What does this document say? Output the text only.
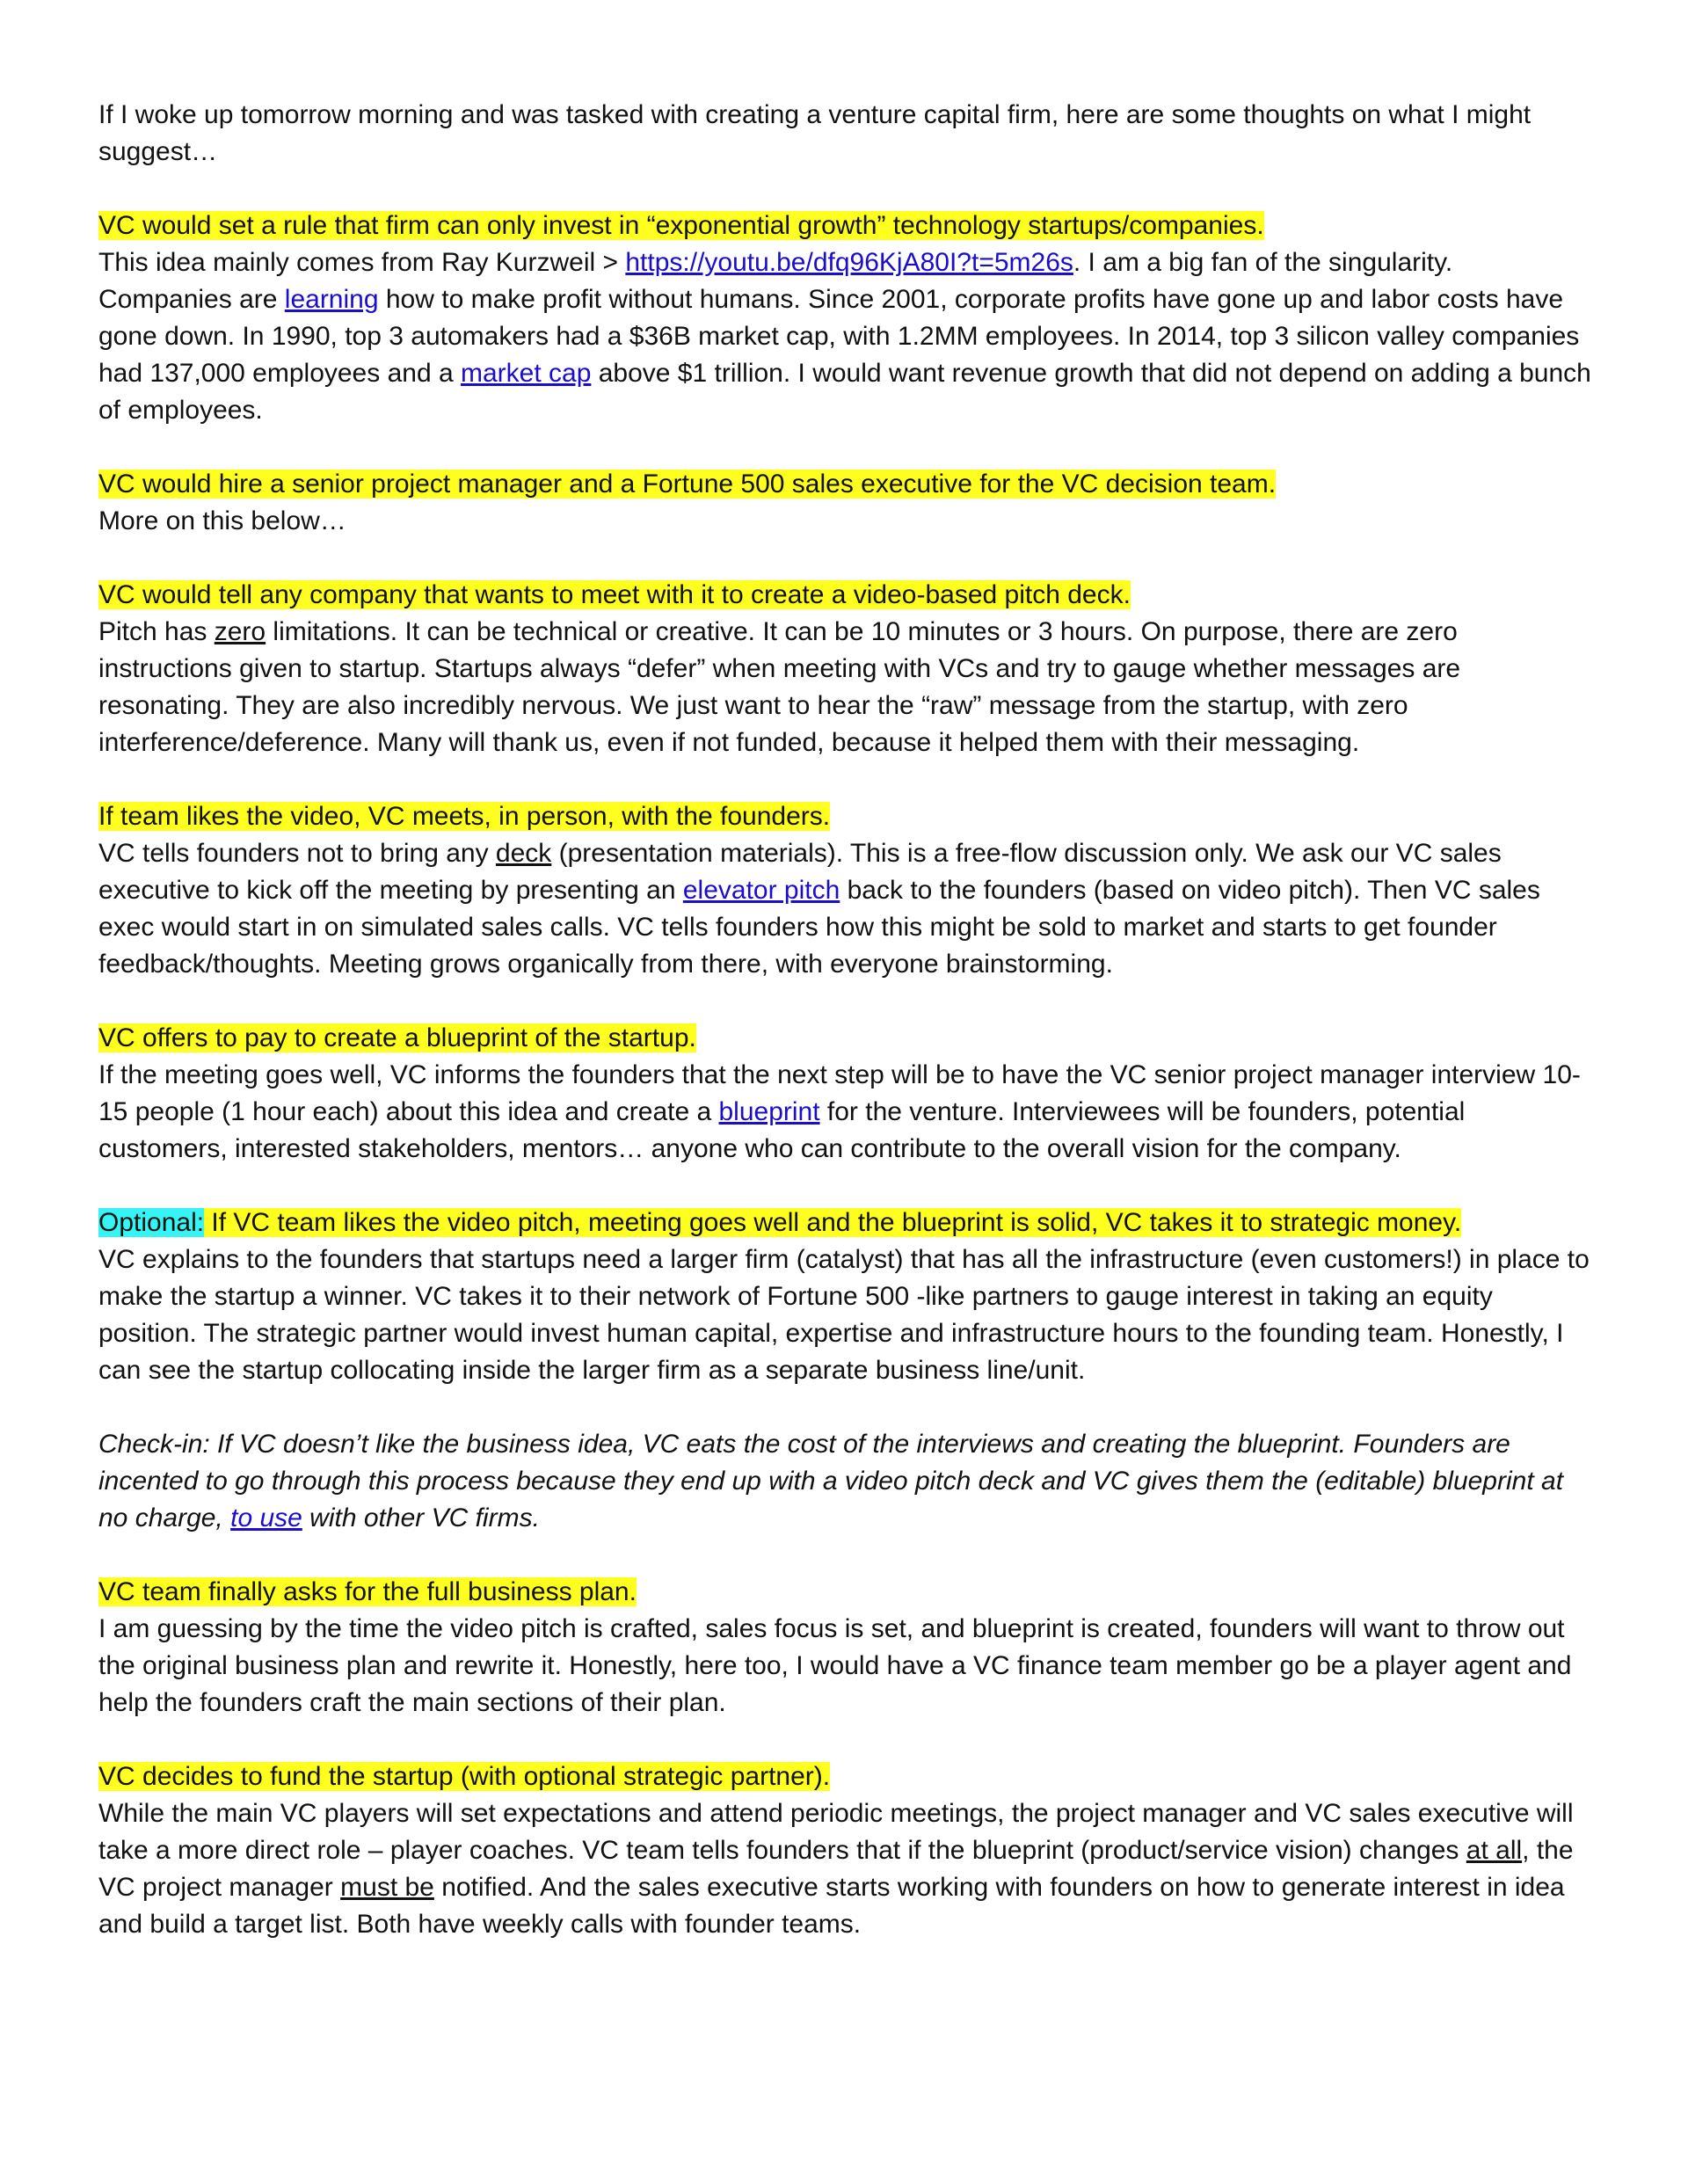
If I woke up tomorrow morning and was tasked with creating a venture capital firm, here are some thoughts on what I might suggest…

VC would set a rule that firm can only invest in “exponential growth” technology startups/companies.
This idea mainly comes from Ray Kurzweil > https://youtu.be/dfq96KjA80I?t=5m26s. I am a big fan of the singularity. Companies are learning how to make profit without humans. Since 2001, corporate profits have gone up and labor costs have gone down. In 1990, top 3 automakers had a $36B market cap, with 1.2MM employees. In 2014, top 3 silicon valley companies had 137,000 employees and a market cap above $1 trillion. I would want revenue growth that did not depend on adding a bunch of employees.
VC would hire a senior project manager and a Fortune 500 sales executive for the VC decision team.
More on this below…
VC would tell any company that wants to meet with it to create a video-based pitch deck.
Pitch has zero limitations. It can be technical or creative. It can be 10 minutes or 3 hours. On purpose, there are zero instructions given to startup. Startups always “defer” when meeting with VCs and try to gauge whether messages are resonating. They are also incredibly nervous. We just want to hear the “raw” message from the startup, with zero interference/deference. Many will thank us, even if not funded, because it helped them with their messaging.
If team likes the video, VC meets, in person, with the founders.
VC tells founders not to bring any deck (presentation materials). This is a free-flow discussion only. We ask our VC sales executive to kick off the meeting by presenting an elevator pitch back to the founders (based on video pitch). Then VC sales exec would start in on simulated sales calls. VC tells founders how this might be sold to market and starts to get founder feedback/thoughts. Meeting grows organically from there, with everyone brainstorming.
VC offers to pay to create a blueprint of the startup.
If the meeting goes well, VC informs the founders that the next step will be to have the VC senior project manager interview 10-15 people (1 hour each) about this idea and create a blueprint for the venture. Interviewees will be founders, potential customers, interested stakeholders, mentors… anyone who can contribute to the overall vision for the company.
Optional: If VC team likes the video pitch, meeting goes well and the blueprint is solid, VC takes it to strategic money.
VC explains to the founders that startups need a larger firm (catalyst) that has all the infrastructure (even customers!) in place to make the startup a winner. VC takes it to their network of Fortune 500 -like partners to gauge interest in taking an equity position. The strategic partner would invest human capital, expertise and infrastructure hours to the founding team. Honestly, I can see the startup collocating inside the larger firm as a separate business line/unit.
Check-in: If VC doesn’t like the business idea, VC eats the cost of the interviews and creating the blueprint. Founders are incented to go through this process because they end up with a video pitch deck and VC gives them the (editable) blueprint at no charge, to use with other VC firms.
VC team finally asks for the full business plan.
I am guessing by the time the video pitch is crafted, sales focus is set, and blueprint is created, founders will want to throw out the original business plan and rewrite it. Honestly, here too, I would have a VC finance team member go be a player agent and help the founders craft the main sections of their plan.
VC decides to fund the startup (with optional strategic partner).
While the main VC players will set expectations and attend periodic meetings, the project manager and VC sales executive will take a more direct role – player coaches. VC team tells founders that if the blueprint (product/service vision) changes at all, the VC project manager must be notified. And the sales executive starts working with founders on how to generate interest in idea and build a target list. Both have weekly calls with founder teams.
